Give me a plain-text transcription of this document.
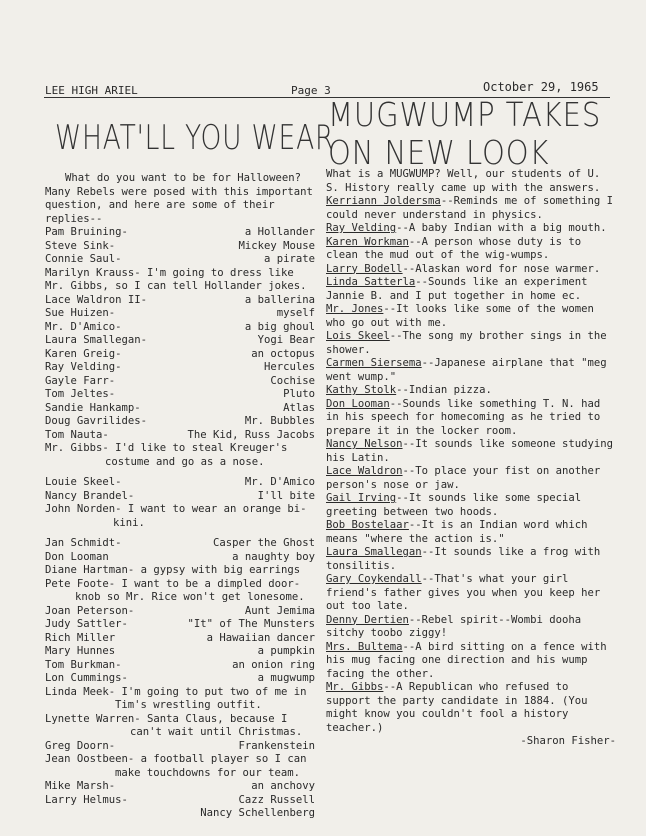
LEE HIGH ARIEL	Page 3	October 29, 1965
WHAT'LL YOU WEAR

What do you want to be for Halloween? Many Rebels were posed with this important question, and here are some of their replies--

Pam Bruining-	a Hollander
Steve Sink-	Mickey Mouse
Connie Saul-	a pirate

Marilyn Krauss- I'm going to dress like

Mr. Gibbs, so I can tell Hollander jokes.

Lace Waldron II-	a ballerina
Sue Huizen-	myself
Mr. D'Amico-	a big ghoul
Laura Smallegan-	Yogi Bear
Karen Greig-	an octopus
Ray Velding-	Hercules
Gayle Farr-	Cochise
Tom Jeltes-	Pluto
Sandie Hankamp-	Atlas
Doug Gavrilides-	Mr. Bubbles
Tom Nauta-	The Kid, Russ Jacobs

Mr. Gibbs- I'd like to steal Kreuger's

costume and go as a nose.

Louie Skeel-	Mr. D'Amico
Nancy Brandel-	I'll bite

John Norden- I want to wear an orange bi-

kini.

Jan Schmidt-	Casper the Ghost
Don Looman	a naughty boy

Diane Hartman- a gypsy with big earrings

Pete Foote- I want to be a dimpled door-

knob so Mr. Rice won't get lonesome.

Joan Peterson-	Aunt Jemima
Judy Sattler-	"It" of The Munsters
Rich Miller	a Hawaiian dancer
Mary Hunnes	a pumpkin
Tom Burkman-	an onion ring
Lon Cummings-	a mugwump

Linda Meek- I'm going to put two of me in

Tim's wrestling outfit.

Lynette Warren- Santa Claus, because I

can't wait until Christmas.

Greg Doorn-	Frankenstein

Jean Oostbeen- a football player so I can

make touchdowns for our team.

Mike Marsh-	an anchovy
Larry Helmus-	Cazz Russell

Nancy Schellenberg

MUGWUMP TAKES
ON NEW LOOK

What is a MUGWUMP? Well, our students of U. S. History really came up with the answers.

Kerriann Joldersma--Reminds me of something I could never understand in physics.

Ray Velding--A baby Indian with a big mouth.

Karen Workman--A person whose duty is to clean the mud out of the wig-wumps.

Larry Bodell--Alaskan word for nose warmer.

Linda Satterla--Sounds like an experiment Jannie B. and I put together in home ec.

Mr. Jones--It looks like some of the women who go out with me.

Lois Skeel--The song my brother sings in the shower.

Carmen Siersema--Japanese airplane that "meg went wump."

Kathy Stolk--Indian pizza.

Don Looman--Sounds like something T. N. had in his speech for homecoming as he tried to prepare it in the locker room.

Nancy Nelson--It sounds like someone studying his Latin.

Lace Waldron--To place your fist on another person's nose or jaw.

Gail Irving--It sounds like some special greeting between two hoods.

Bob Bostelaar--It is an Indian word which means "where the action is."

Laura Smallegan--It sounds like a frog with tonsilitis.

Gary Coykendall--That's what your girl friend's father gives you when you keep her out too late.

Denny Dertien--Rebel spirit--Wombi dooha sitchy toobo ziggy!

Mrs. Bultema--A bird sitting on a fence with his mug facing one direction and his wump facing the other.

Mr. Gibbs--A Republican who refused to support the party candidate in 1884. (You might know you couldn't fool a history teacher.)

-Sharon Fisher-
